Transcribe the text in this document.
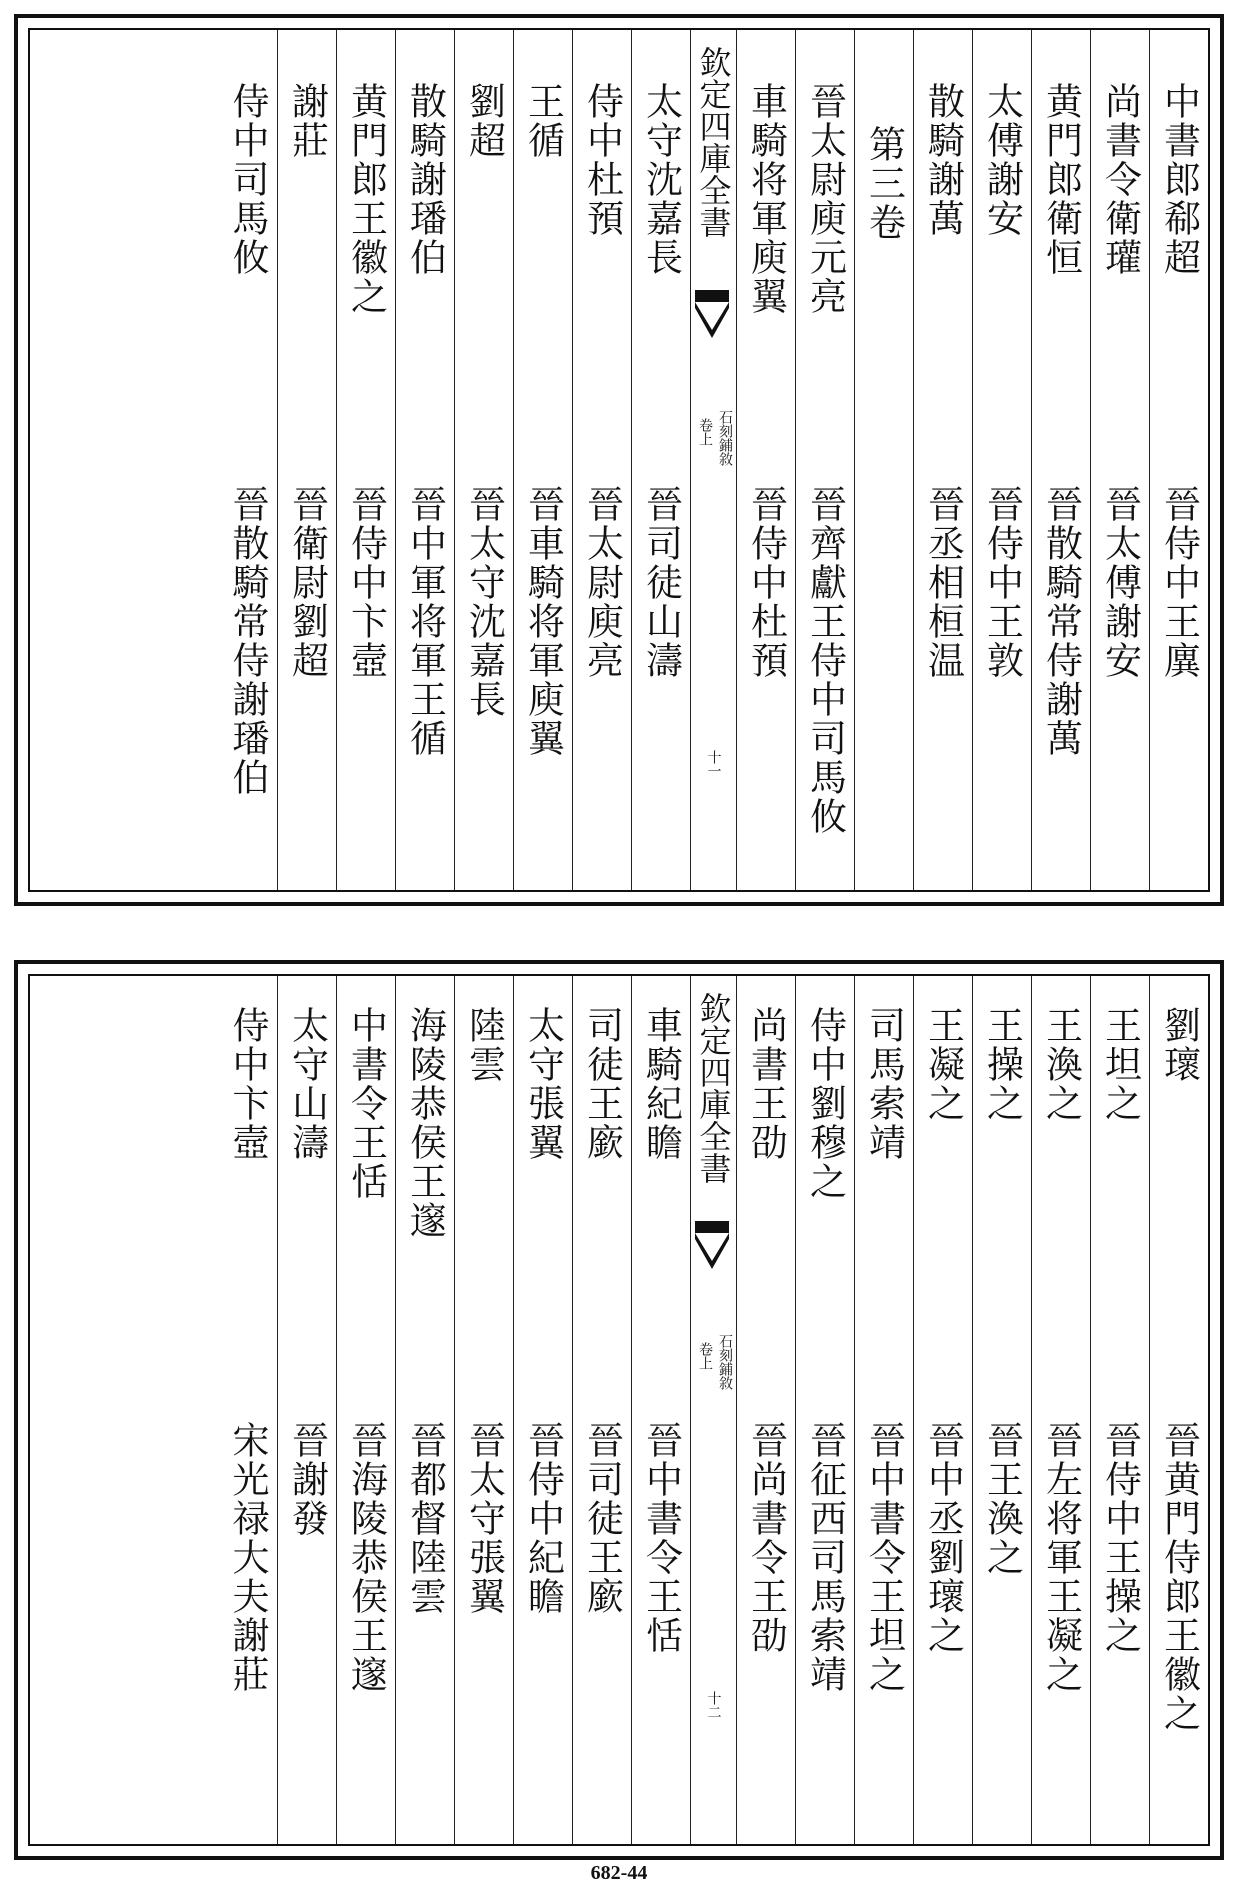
中書郎郗超
晉侍中王廙
尚書令衛瓘
晉太傅謝安
黄門郎衛恒
晉散騎常侍謝萬
太傅謝安
晉侍中王敦
散騎謝萬
晉丞相桓温
第三卷
晉太尉庾元亮
晉齊獻王侍中司馬攸
車騎将軍庾翼
晉侍中杜預
欽定四庫全書
石刻鋪敘
卷上
十一
太守沈嘉長
晉司徒山濤
侍中杜預
晉太尉庾亮
王循
晉車騎将軍庾翼
劉超
晉太守沈嘉長
散騎謝璠伯
晉中軍将軍王循
黄門郎王徽之
晉侍中卞壼
謝莊
晉衛尉劉超
侍中司馬攸
晉散騎常侍謝璠伯
劉瓌
晉黄門侍郎王徽之
王坦之
晉侍中王操之
王渙之
晉左将軍王凝之
王操之
晉王渙之
王凝之
晉中丞劉瓌之
司馬索靖
晉中書令王坦之
侍中劉穆之
晉征西司馬索靖
尚書王劭
晉尚書令王劭
欽定四庫全書
石刻鋪敘
卷上
十二
車騎紀瞻
晉中書令王恬
司徒王廞
晉司徒王廞
太守張翼
晉侍中紀瞻
陸雲
晉太守張翼
海陵恭侯王邃
晉都督陸雲
中書令王恬
晉海陵恭侯王邃
太守山濤
晉謝發
侍中卞壼
宋光禄大夫謝莊
682-44
